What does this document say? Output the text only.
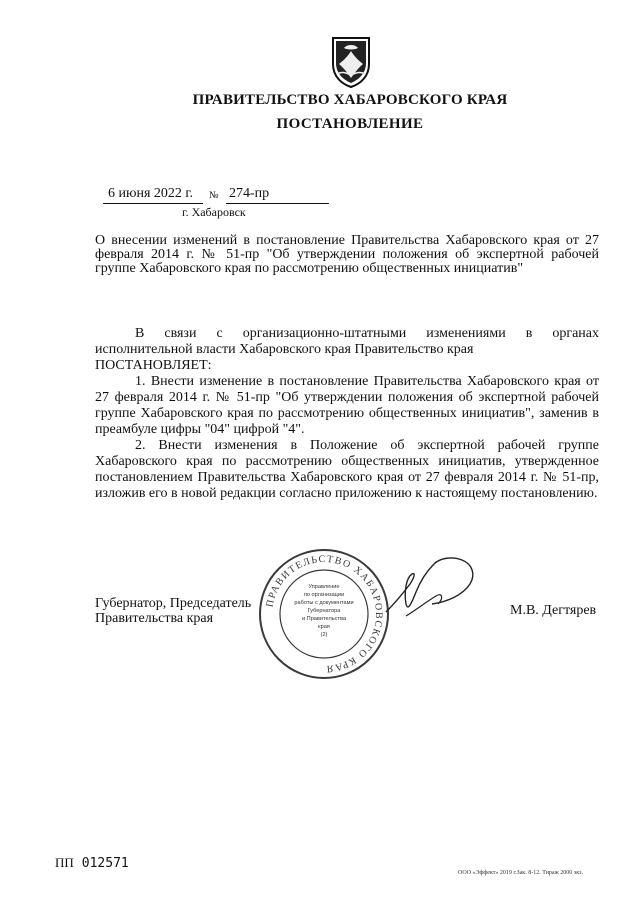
ПРАВИТЕЛЬСТВО ХАБАРОВСКОГО КРАЯ
ПОСТАНОВЛЕНИЕ
6 июня 2022 г. № 274-пр
г. Хабаровск
О внесении изменений в постановление Правительства Хабаровского края от 27 февраля 2014 г. № 51-пр "Об утверждении положения об экспертной рабочей группе Хабаровского края по рассмотрению общественных инициатив"

В связи с организационно-штатными изменениями в органах исполнительной власти Хабаровского края Правительство края

ПОСТАНОВЛЯЕТ:

1. Внести изменение в постановление Правительства Хабаровского края от 27 февраля 2014 г. № 51-пр "Об утверждении положения об экспертной рабочей группе Хабаровского края по рассмотрению общественных инициатив", заменив в преамбуле цифры "04" цифрой "4".

2. Внести изменения в Положение об экспертной рабочей группе Хабаровского края по рассмотрению общественных инициатив, утвержденное постановлением Правительства Хабаровского края от 27 февраля 2014 г. № 51-пр, изложив его в новой редакции согласно приложению к настоящему постановлению.

Губернатор, Председатель
Правительства края
М.В. Дегтярев
ПРАВИТЕЛЬСТВО ХАБАРОВСКОГО КРАЯ
Управление
по организации
работы с документами
Губернатора
и Правительства
края
(2)
ПП 012571
ООО «Эффект» 2019 г.Зак. 8-12. Тираж 2000 экз.
